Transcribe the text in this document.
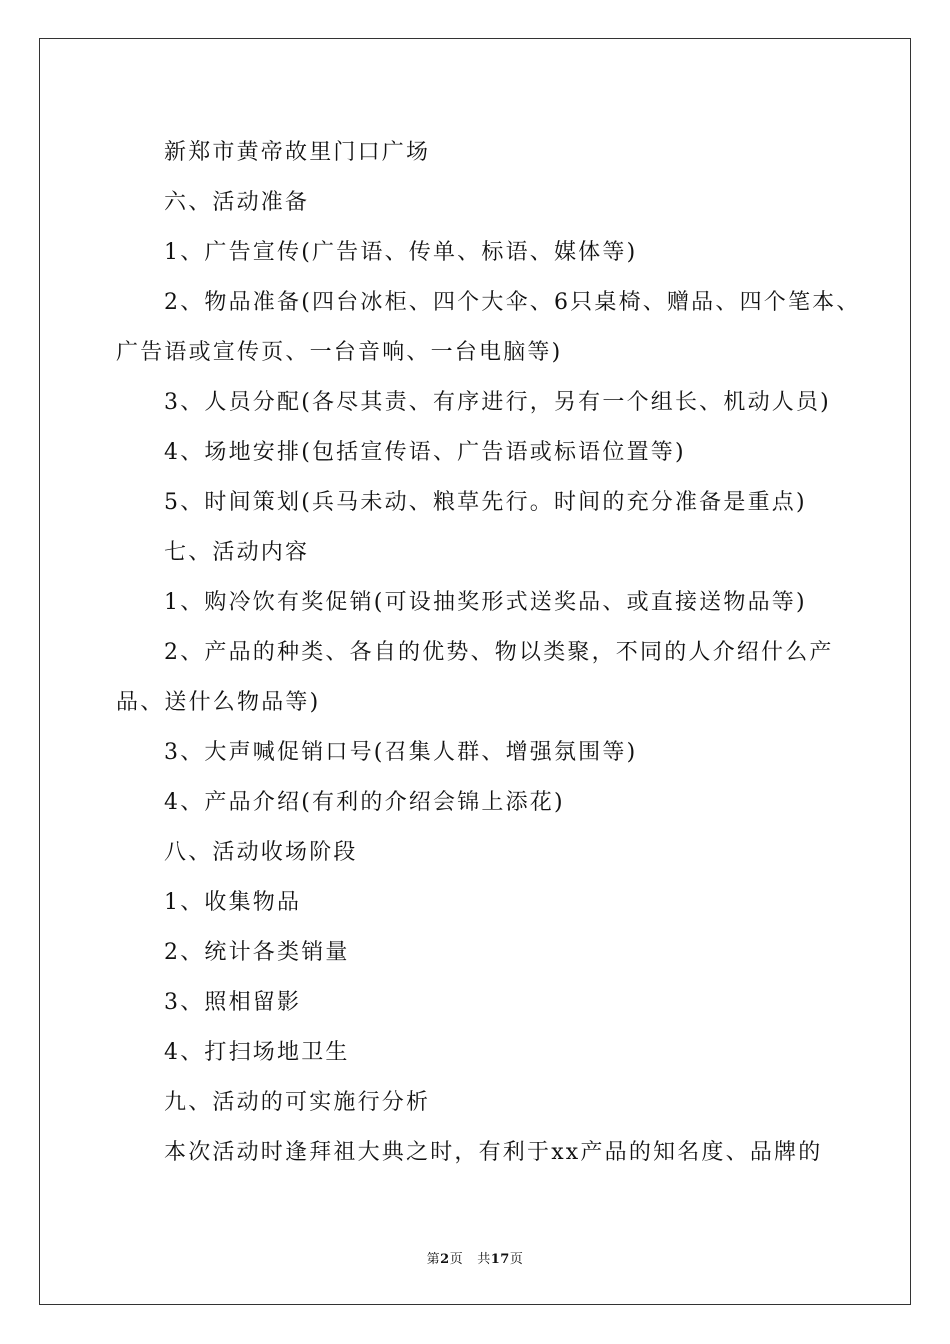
新郑市黄帝故里门口广场
六、活动准备
1、广告宣传(广告语、传单、标语、媒体等)
2、物品准备(四台冰柜、四个大伞、6只桌椅、赠品、四个笔本、
广告语或宣传页、一台音响、一台电脑等)
3、人员分配(各尽其责、有序进行，另有一个组长、机动人员)
4、场地安排(包括宣传语、广告语或标语位置等)
5、时间策划(兵马未动、粮草先行。时间的充分准备是重点)
七、活动内容
1、购冷饮有奖促销(可设抽奖形式送奖品、或直接送物品等)
2、产品的种类、各自的优势、物以类聚，不同的人介绍什么产
品、送什么物品等)
3、大声喊促销口号(召集人群、增强氛围等)
4、产品介绍(有利的介绍会锦上添花)
八、活动收场阶段
1、收集物品
2、统计各类销量
3、照相留影
4、打扫场地卫生
九、活动的可实施行分析
本次活动时逢拜祖大典之时，有利于xx产品的知名度、品牌的
第2页 共17页
